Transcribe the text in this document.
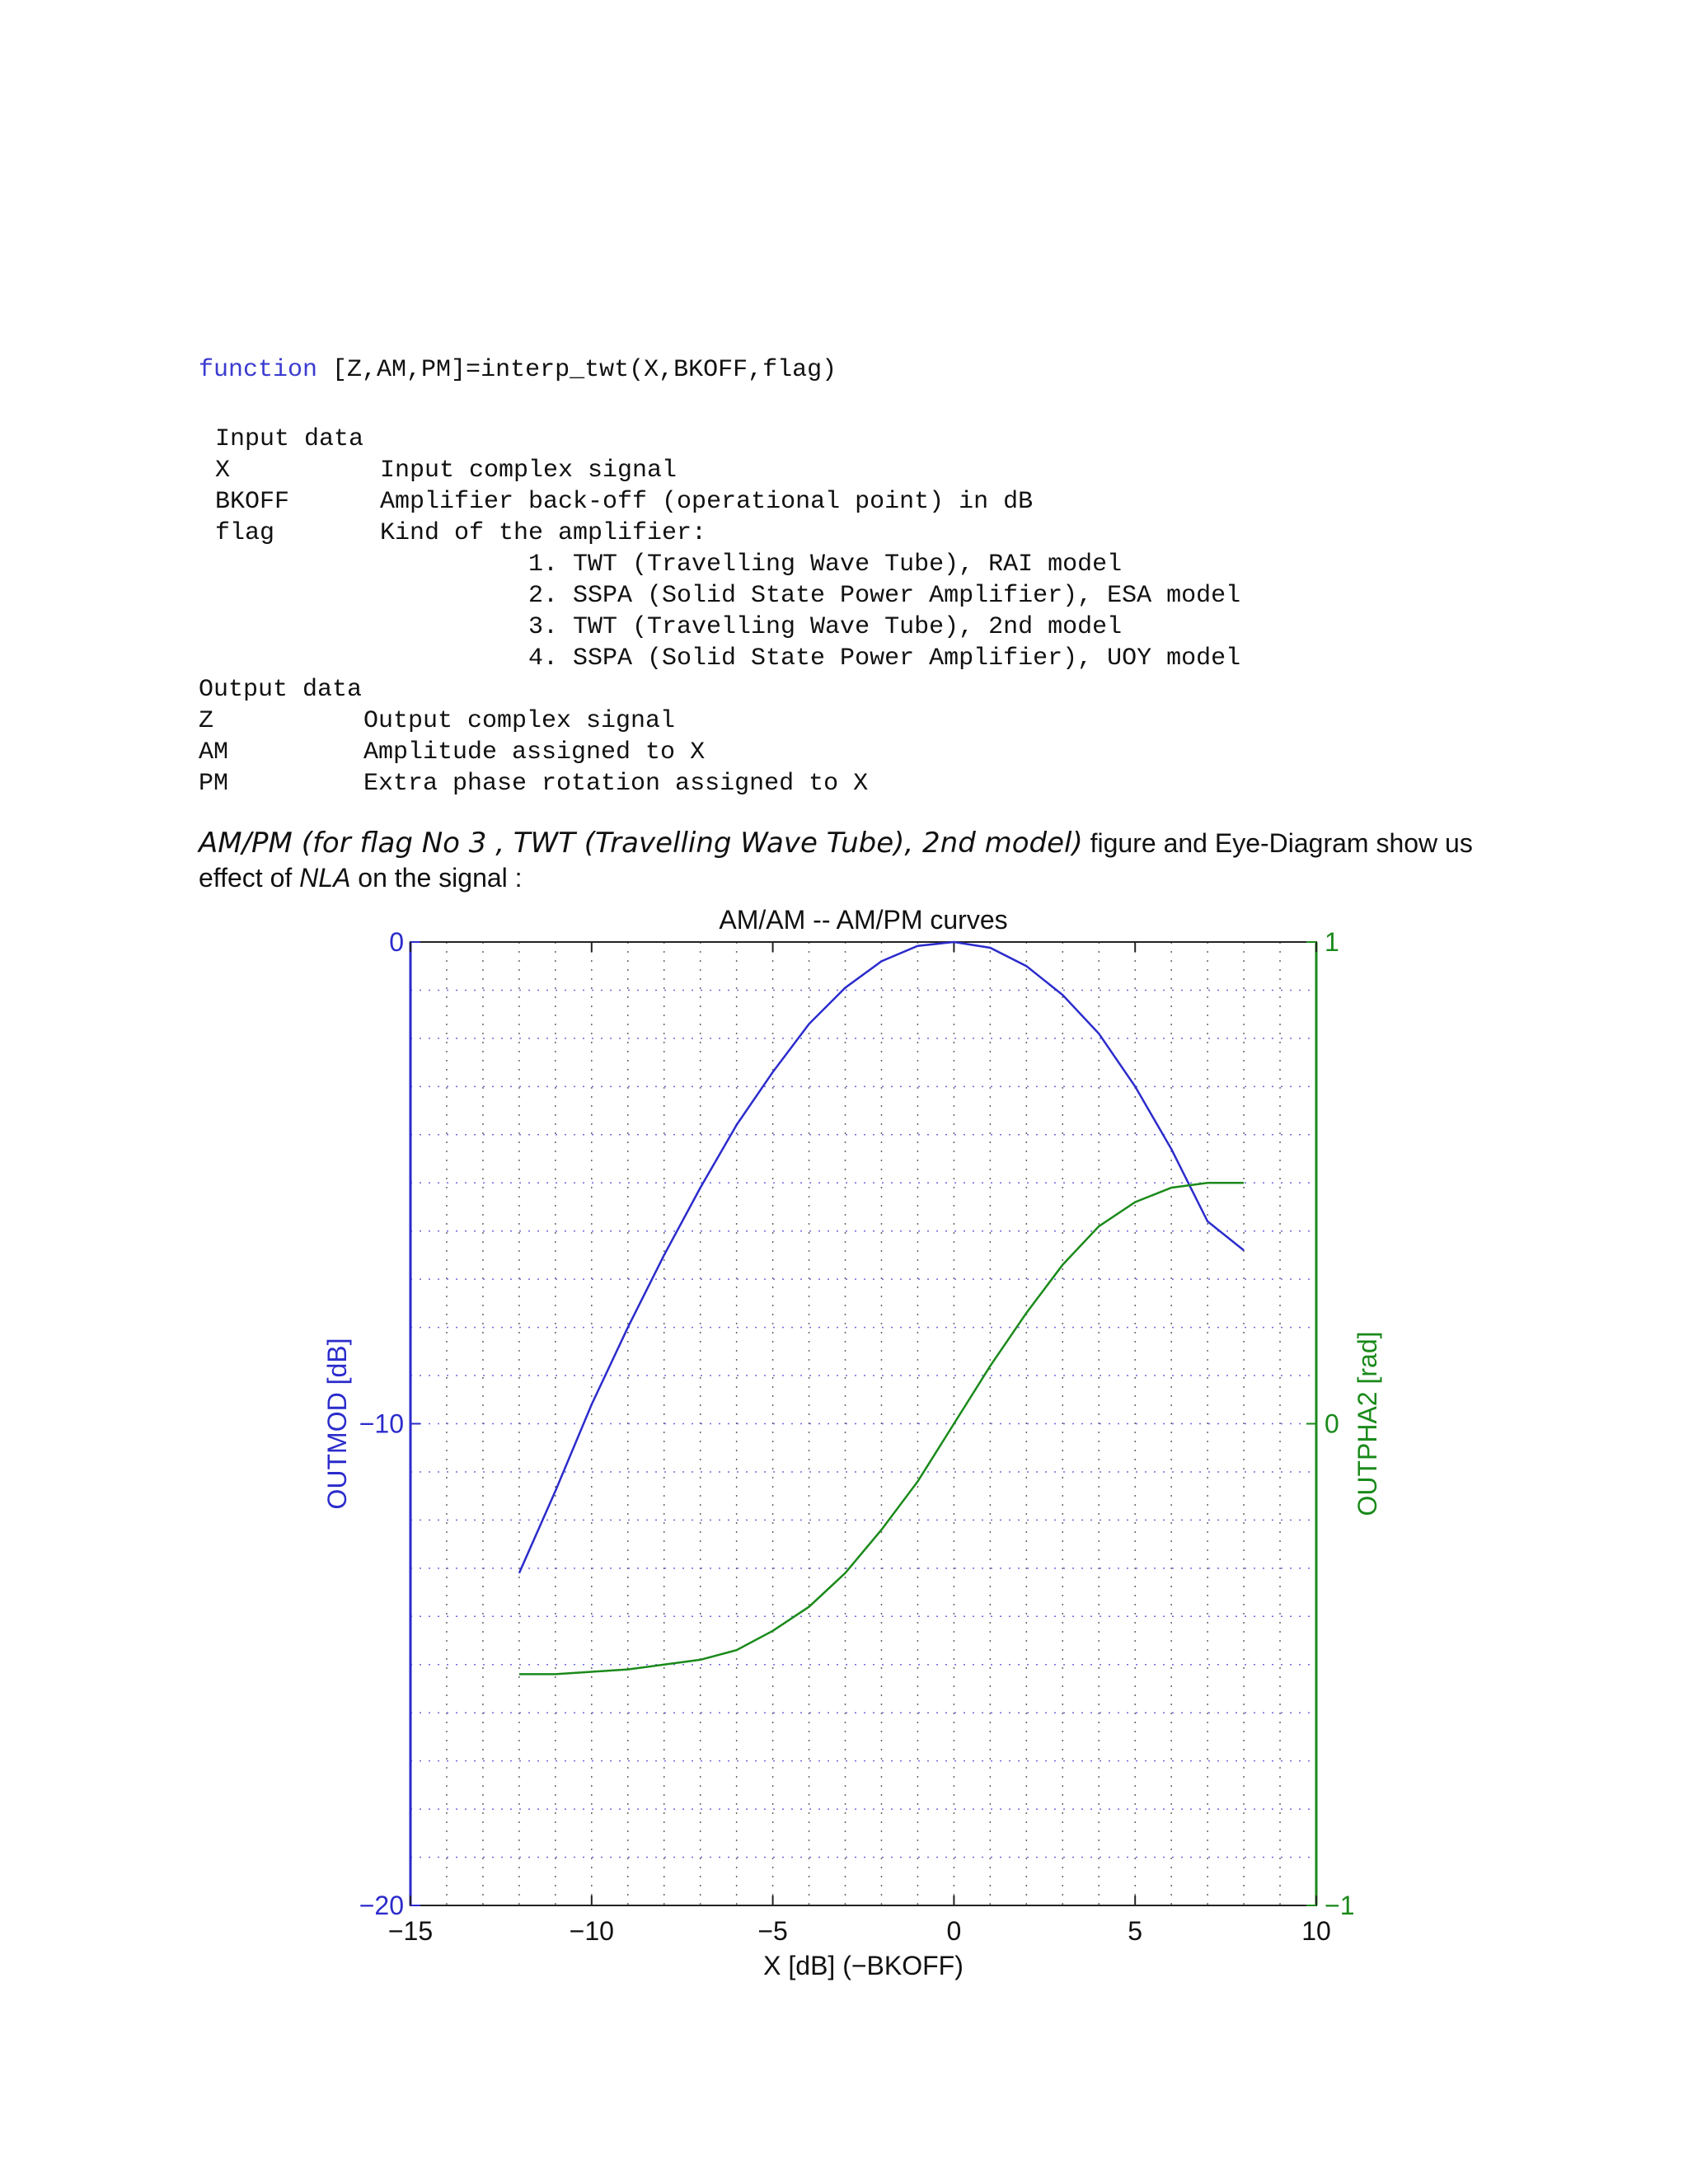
function [Z,AM,PM]=interp_twt(X,BKOFF,flag)
Input data
X	Input complex signal
BKOFF	Amplifier back-off (operational point) in dB
flag	Kind of the amplifier:
1. TWT (Travelling Wave Tube), RAI model
2. SSPA (Solid State Power Amplifier), ESA model
3. TWT (Travelling Wave Tube), 2nd model
4. SSPA (Solid State Power Amplifier), UOY model
Output data
Z	Output complex signal
AM	Amplitude assigned to X
PM	Extra phase rotation assigned to X
AM/PM (for flag No 3 , TWT (Travelling Wave Tube), 2nd model) figure and Eye-Diagram show us
effect of NLA on the signal :
−15	−10	−5	0	5	10
−20
−10
0
−1
0
1
AM/AM -- AM/PM curves
X [dB] (−BKOFF)
OUTMOD [dB]	OUTPHA2 [rad]
